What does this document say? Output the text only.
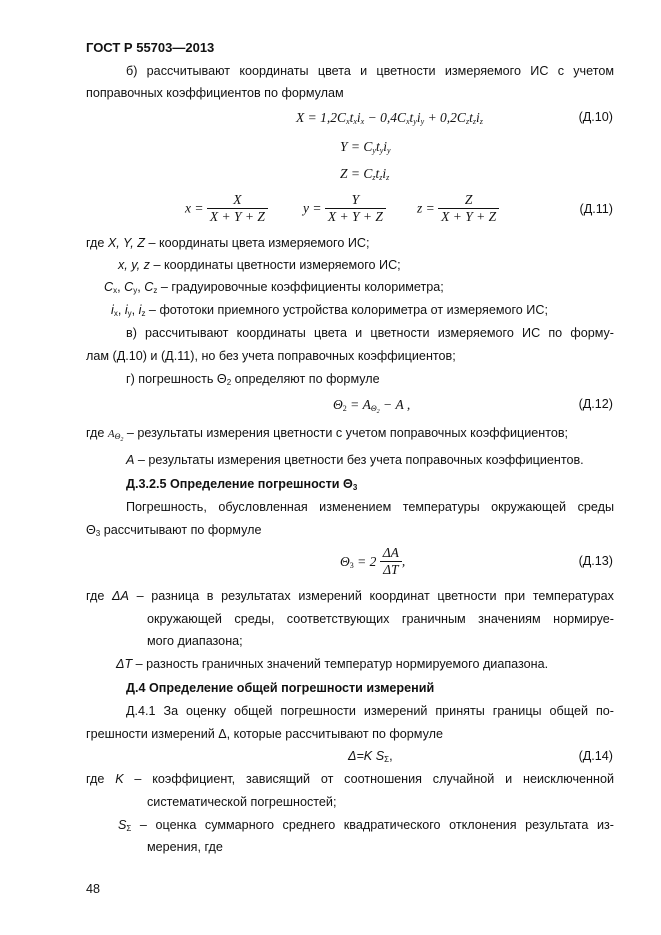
ГОСТ Р 55703—2013
б) рассчитывают координаты цвета и цветности измеряемого ИС с учетом
поправочных коэффициентов по формулам
$X = 1,2C_xt_xi_x - 0,4C_xt_yi_y + 0,2C_zt_zi_z$	(Д.10)
$Y = C_yt_yi_y$
$Z = C_zt_zi_z$
$x = \frac{X}{X + Y + Z}$	$y = \frac{Y}{X + Y + Z}$ $z = \frac{Z}{X + Y + Z}$	(Д.11)
где X, Y, Z – координаты цвета измеряемого ИС;
x, y, z – координаты цветности измеряемого ИС;
$C_x$, $C_y$, $C_z$ – градуировочные коэффициенты колориметра;
$i_x$, $i_y$, $i_z$ – фототоки приемного устройства колориметра от измеряемого ИС;
в) рассчитывают координаты цвета и цветности измеряемого ИС по форму-
лам (Д.10) и (Д.11), но без учета поправочных коэффициентов;
г) погрешность $\Theta_2$ определяют по формуле
$\Theta_2 = A_{\Theta_2} - A$ ,	(Д.12)
где $A_{\Theta_2}$ – результаты измерения цветности с учетом поправочных коэффициентов;
A – результаты измерения цветности без учета поправочных коэффициентов.
Д.3.2.5 Определение погрешности $\Theta_3$
Погрешность, обусловленная изменением температуры окружающей среды
$\Theta_3$ рассчитывают по формуле
$\Theta_3 = 2 \frac{\Delta A}{\Delta T}$ ,	(Д.13)
где ΔA – разница в результатах измерений координат цветности при температурах
окружающей среды, соответствующих граничным значениям нормируе-
мого диапазона;
ΔT – разность граничных значений температур нормируемого диапазона.
Д.4 Определение общей погрешности измерений
Д.4.1 За оценку общей погрешности измерений приняты границы общей по-
грешности измерений Δ, которые рассчитывают по формуле
Δ=K $S_\Sigma$,	(Д.14)
где K – коэффициент, зависящий от соотношения случайной и неисключенной
систематической погрешностей;
$S_\Sigma$ – оценка суммарного среднего квадратического отклонения результата из-
мерения, где
48
